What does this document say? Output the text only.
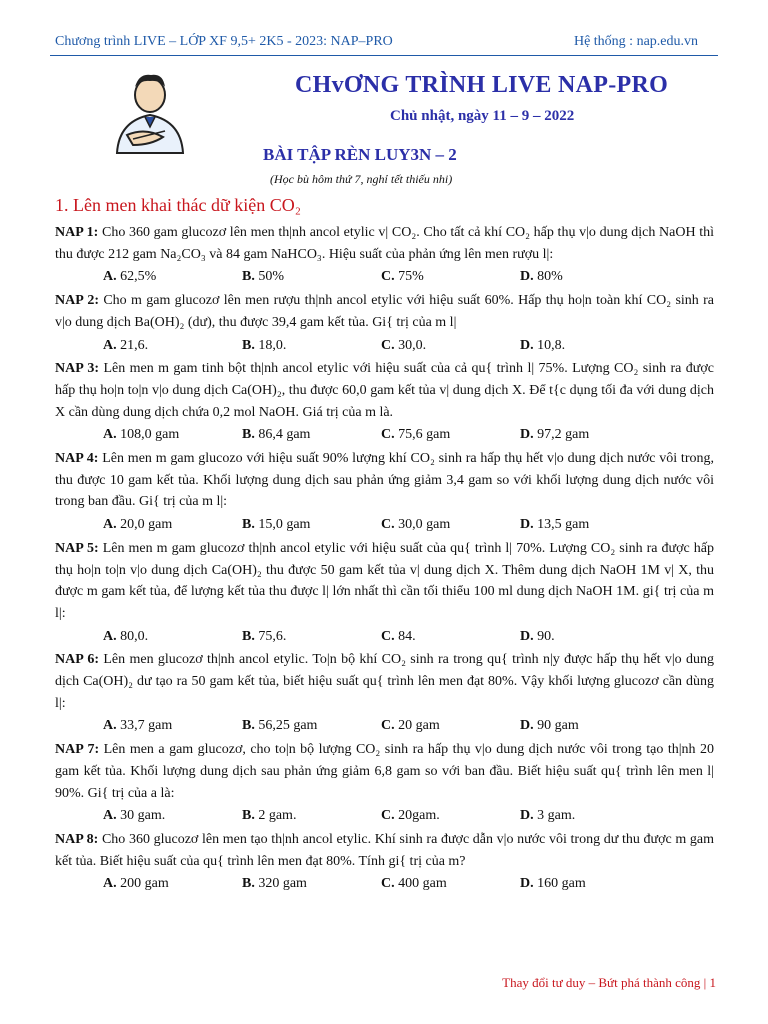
Chương trình LIVE – LỚP XF 9,5+ 2K5 - 2023: NAP–PRO	Hệ thống : nap.edu.vn
CHvƠNG TRÌNH LIVE NAP-PRO
Chủ nhật, ngày 11 – 9 – 2022
BÀI TẬP RÈN LUY3N – 2
(Học bù hôm thứ 7, nghỉ tết thiếu nhi)
1. Lên men khai thác dữ kiện CO₂
NAP 1: Cho 360 gam glucozơ lên men th|nh ancol etylic v| CO₂. Cho tất cả khí CO₂ hấp thụ v|o dung dịch NaOH thì thu được 212 gam Na₂CO₃ và 84 gam NaHCO₃. Hiệu suất của phản ứng lên men rượu l|:
A. 62,5%	B. 50%	C. 75%	D. 80%
NAP 2: Cho m gam glucozơ lên men rượu th|nh ancol etylic với hiệu suất 60%. Hấp thụ ho|n toàn khí CO₂ sinh ra v|o dung dịch Ba(OH)₂ (dư), thu được 39,4 gam kết tủa. Gi{ trị của m l|
A. 21,6.	B. 18,0.	C. 30,0.	D. 10,8.
NAP 3: Lên men m gam tinh bột th|nh ancol etylic với hiệu suất của cả qu{ trình l| 75%. Lượng CO₂ sinh ra được hấp thụ ho|n to|n v|o dung dịch Ca(OH)₂, thu được 60,0 gam kết tủa v| dung dịch X. Để t{c dụng tối đa với dung dịch X cần dùng dung dịch chứa 0,2 mol NaOH. Giá trị của m là.
A. 108,0 gam	B. 86,4 gam	C. 75,6 gam	D. 97,2 gam
NAP 4: Lên men m gam glucozo với hiệu suất 90% lượng khí CO₂ sinh ra hấp thụ hết v|o dung dịch nước vôi trong, thu được 10 gam kết tủa. Khối lượng dung dịch sau phản ứng giảm 3,4 gam so với khối lượng dung dịch nước vôi trong ban đầu. Gi{ trị của m l|:
A. 20,0 gam	B. 15,0 gam	C. 30,0 gam	D. 13,5 gam
NAP 5: Lên men m gam glucozơ th|nh ancol etylic với hiệu suất của qu{ trình l| 70%. Lượng CO₂ sinh ra được hấp thụ ho|n to|n v|o dung dịch Ca(OH)₂ thu được 50 gam kết tủa v| dung dịch X. Thêm dung dịch NaOH 1M v| X, thu được m gam kết tủa, để lượng kết tủa thu được l| lớn nhất thì cần tối thiểu 100 ml dung dịch NaOH 1M. gi{ trị của m l|:
A. 80,0.	B. 75,6.	C. 84.	D. 90.
NAP 6: Lên men glucozơ th|nh ancol etylic. To|n bộ khí CO₂ sinh ra trong qu{ trình n|y được hấp thụ hết v|o dung dịch Ca(OH)₂ dư tạo ra 50 gam kết tủa, biết hiệu suất qu{ trình lên men đạt 80%. Vậy khối lượng glucozơ cần dùng l|:
A. 33,7 gam	B. 56,25 gam	C. 20 gam	D. 90 gam
NAP 7: Lên men a gam glucozơ, cho to|n bộ lượng CO₂ sinh ra hấp thụ v|o dung dịch nước vôi trong tạo th|nh 20 gam kết tủa. Khối lượng dung dịch sau phản ứng giảm 6,8 gam so với ban đầu. Biết hiệu suất qu{ trình lên men l| 90%. Gi{ trị của a là:
A. 30 gam.	B. 2 gam.	C. 20gam.	D. 3 gam.
NAP 8: Cho 360 glucozơ lên men tạo th|nh ancol etylic. Khí sinh ra được dẫn v|o nước vôi trong dư thu được m gam kết tủa. Biết hiệu suất của qu{ trình lên men đạt 80%. Tính gi{ trị của m?
A. 200 gam	B. 320 gam	C. 400 gam	D. 160 gam
Thay đổi tư duy – Bứt phá thành công | 1
